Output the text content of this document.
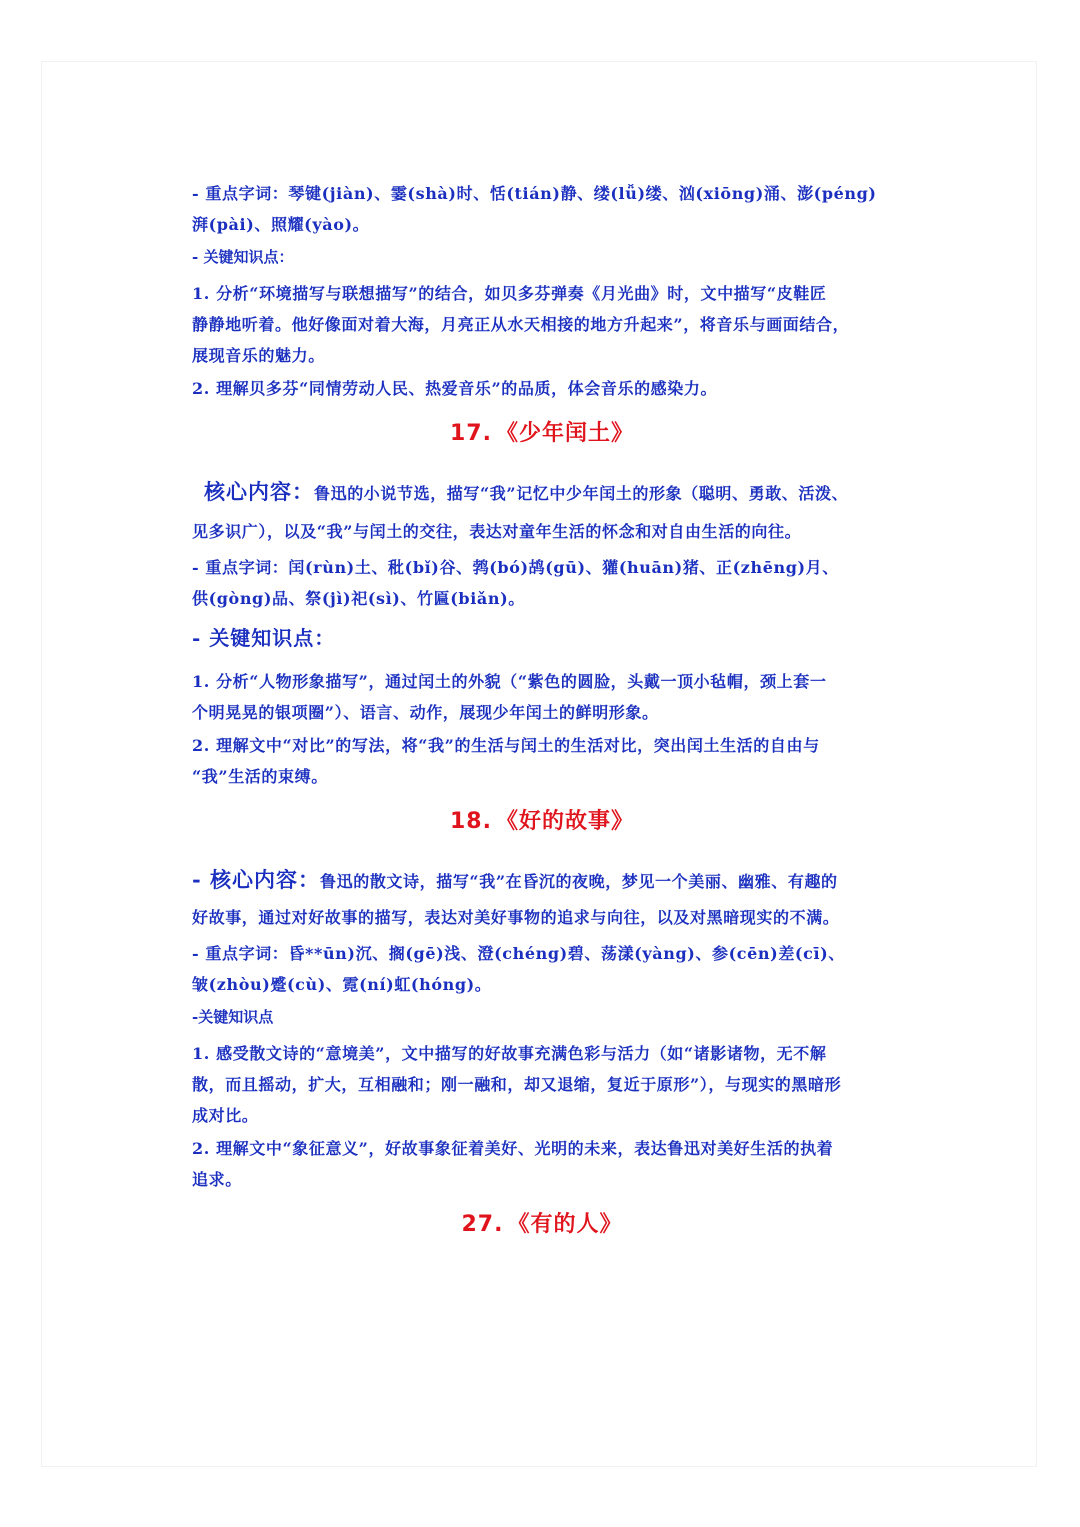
- 重点字词：琴键(jiàn)、霎(shà)时、恬(tián)静、缕(lǚ)缕、汹(xiōng)涌、澎(péng)
湃(pài)、照耀(yào)。
- 关键知识点：
1. 分析“环境描写与联想描写”的结合，如贝多芬弹奏《月光曲》时，文中描写“皮鞋匠
静静地听着。他好像面对着大海，月亮正从水天相接的地方升起来”，将音乐与画面结合，
展现音乐的魅力。
2. 理解贝多芬“同情劳动人民、热爱音乐”的品质，体会音乐的感染力。
17. 《少年闰土》
核心内容：鲁迅的小说节选，描写“我”记忆中少年闰土的形象（聪明、勇敢、活泼、
见多识广），以及“我”与闰土的交往，表达对童年生活的怀念和对自由生活的向往。
- 重点字词：闰(rùn)土、秕(bǐ)谷、鹁(bó)鸪(gū)、獾(huān)猪、正(zhēng)月、
供(gòng)品、祭(jì)祀(sì)、竹匾(biǎn)。
- 关键知识点：
1. 分析“人物形象描写”，通过闰土的外貌（“紫色的圆脸，头戴一顶小毡帽，颈上套一
个明晃晃的银项圈”）、语言、动作，展现少年闰土的鲜明形象。
2. 理解文中“对比”的写法，将“我”的生活与闰土的生活对比，突出闰土生活的自由与
“我”生活的束缚。
18. 《好的故事》
- 核心内容：鲁迅的散文诗，描写“我”在昏沉的夜晚，梦见一个美丽、幽雅、有趣的
好故事，通过对好故事的描写，表达对美好事物的追求与向往，以及对黑暗现实的不满。
- 重点字词：昏**ūn)沉、搁(gē)浅、澄(chéng)碧、荡漾(yàng)、参(cēn)差(cī)、
皱(zhòu)蹙(cù)、霓(ní)虹(hóng)。
-关键知识点
1. 感受散文诗的“意境美”，文中描写的好故事充满色彩与活力（如“诸影诸物，无不解
散，而且摇动，扩大，互相融和；刚一融和，却又退缩，复近于原形”），与现实的黑暗形
成对比。
2. 理解文中“象征意义”，好故事象征着美好、光明的未来，表达鲁迅对美好生活的执着
追求。
27. 《有的人》
